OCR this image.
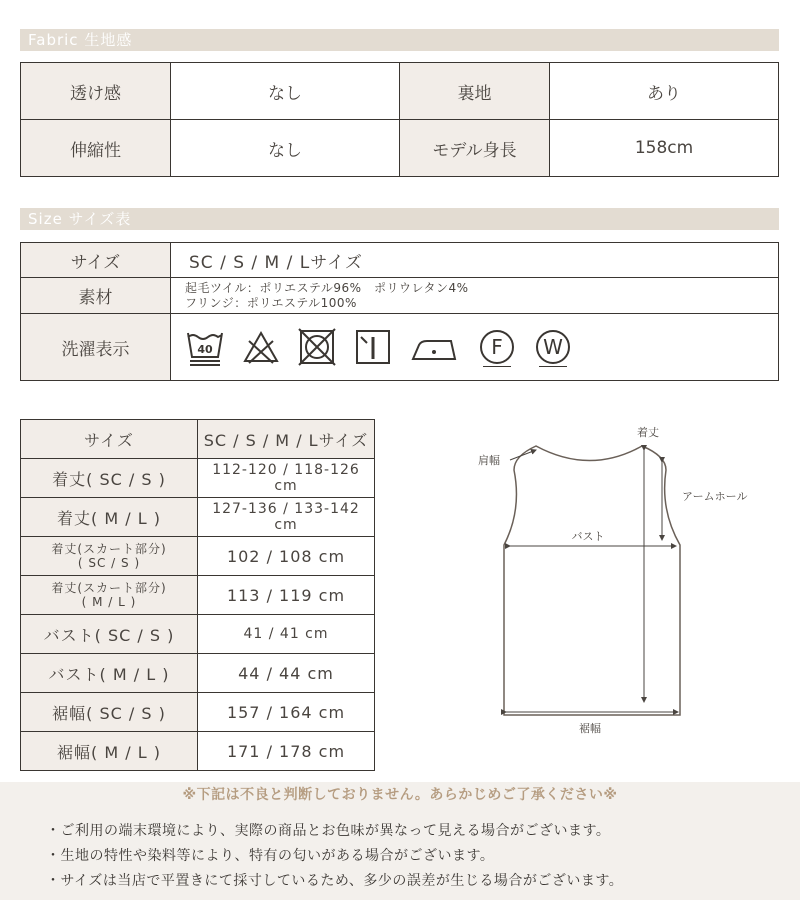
Fabric 生地感
透け感	なし	裏地	あり
伸縮性	なし	モデル身長	158cm
Size サイズ表
サイズ	SC / S / M / Lサイズ
素材	起毛ツイル：ポリエステル96%　ポリウレタン4%
フリンジ：ポリエステル100%

洗濯表示	40 F W
サイズ	SC / S / M / Lサイズ
着丈( SC / S )	112-120 / 118-126 cm
着丈( M / L )	127-136 / 133-142 cm

着丈(スカート部分)
( SC / S )	102 / 108 cm

着丈(スカート部分)
( M / L )	113 / 119 cm
バスト( SC / S )	41 / 41 cm
バスト( M / L )	44 / 44 cm
裾幅( SC / S )	157 / 164 cm
裾幅( M / L )	171 / 178 cm
着丈
肩幅
アームホール
バスト
裾幅
※下記は不良と判断しておりません。あらかじめご了承ください※
・ご利用の端末環境により、実際の商品とお色味が異なって見える場合がございます。
・生地の特性や染料等により、特有の匂いがある場合がございます。
・サイズは当店で平置きにて採寸しているため、多少の誤差が生じる場合がございます。
